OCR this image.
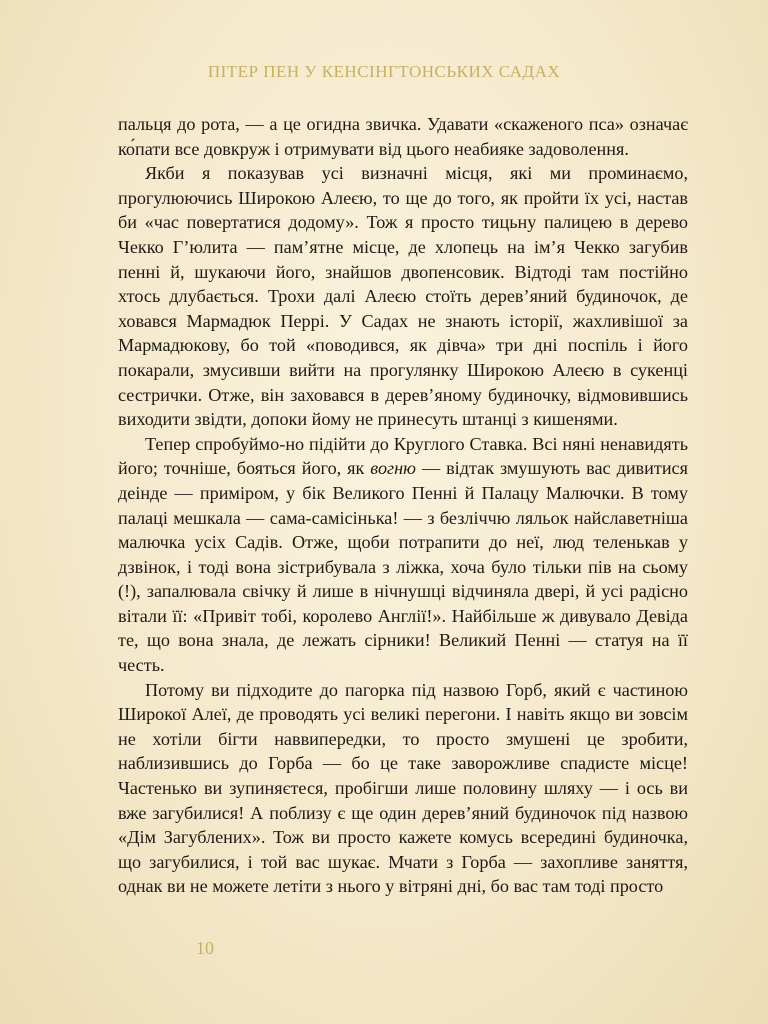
ПІТЕР ПЕН У КЕНСІНГТОНСЬКИХ САДАХ

пальця до рота, — а це огидна звичка. Удавати «скаженого пса» означає ко́пати все довкруж і отримувати від цього неабияке задоволення.

Якби я показував усі визначні місця, які ми проминаємо, прогулюючись Широкою Алеєю, то ще до того, як пройти їх усі, настав би «час повертатися додому». Тож я просто тицьну палицею в дерево Чекко Г’юлита — пам’ятне місце, де хлопець на ім’я Чекко загубив пенні й, шукаючи його, знайшов двопенсовик. Відтоді там постійно хтось длубається. Трохи далі Алеєю стоїть дерев’яний будиночок, де ховався Мармадюк Перрі. У Садах не знають історії, жахливішої за Мармадюкову, бо той «поводився, як дівча» три дні поспіль і його покарали, змусивши вийти на прогулянку Широкою Алеєю в сукенці сестрички. Отже, він заховався в дерев’яному будиночку, відмовившись виходити звідти, допоки йому не принесуть штанці з кишенями.

Тепер спробуймо-но підійти до Круглого Ставка. Всі няні ненавидять його; точніше, бояться його, як вогню — відтак змушують вас дивитися деінде — приміром, у бік Великого Пенні й Палацу Малючки. В тому палаці мешкала — сама-самісінька! — з безліччю ляльок найславетніша малючка усіх Садів. Отже, щоби потрапити до неї, люд теленькав у дзвінок, і тоді вона зістрибувала з ліжка, хоча було тільки пів на сьому (!), запалювала свічку й лише в нічнушці відчиняла двері, й усі радісно вітали її: «Привіт тобі, королево Англії!». Найбільше ж дивувало Девіда те, що вона знала, де лежать сірники! Великий Пенні — статуя на її честь.

Потому ви підходите до пагорка під назвою Горб, який є частиною Широкої Алеї, де проводять усі великі перегони. І навіть якщо ви зовсім не хотіли бігти наввипередки, то просто змушені це зробити, наблизившись до Горба — бо це таке заворожливе спадисте місце! Частенько ви зупиняєтеся, пробігши лише половину шляху — і ось ви вже загубилися! А поблизу є ще один дерев’яний будиночок під назвою «Дім Загублених». Тож ви просто кажете комусь всередині будиночка, що загубилися, і той вас шукає. Мчати з Горба — захопливе заняття, однак ви не можете летіти з нього у вітряні дні, бо вас там тоді просто

10
